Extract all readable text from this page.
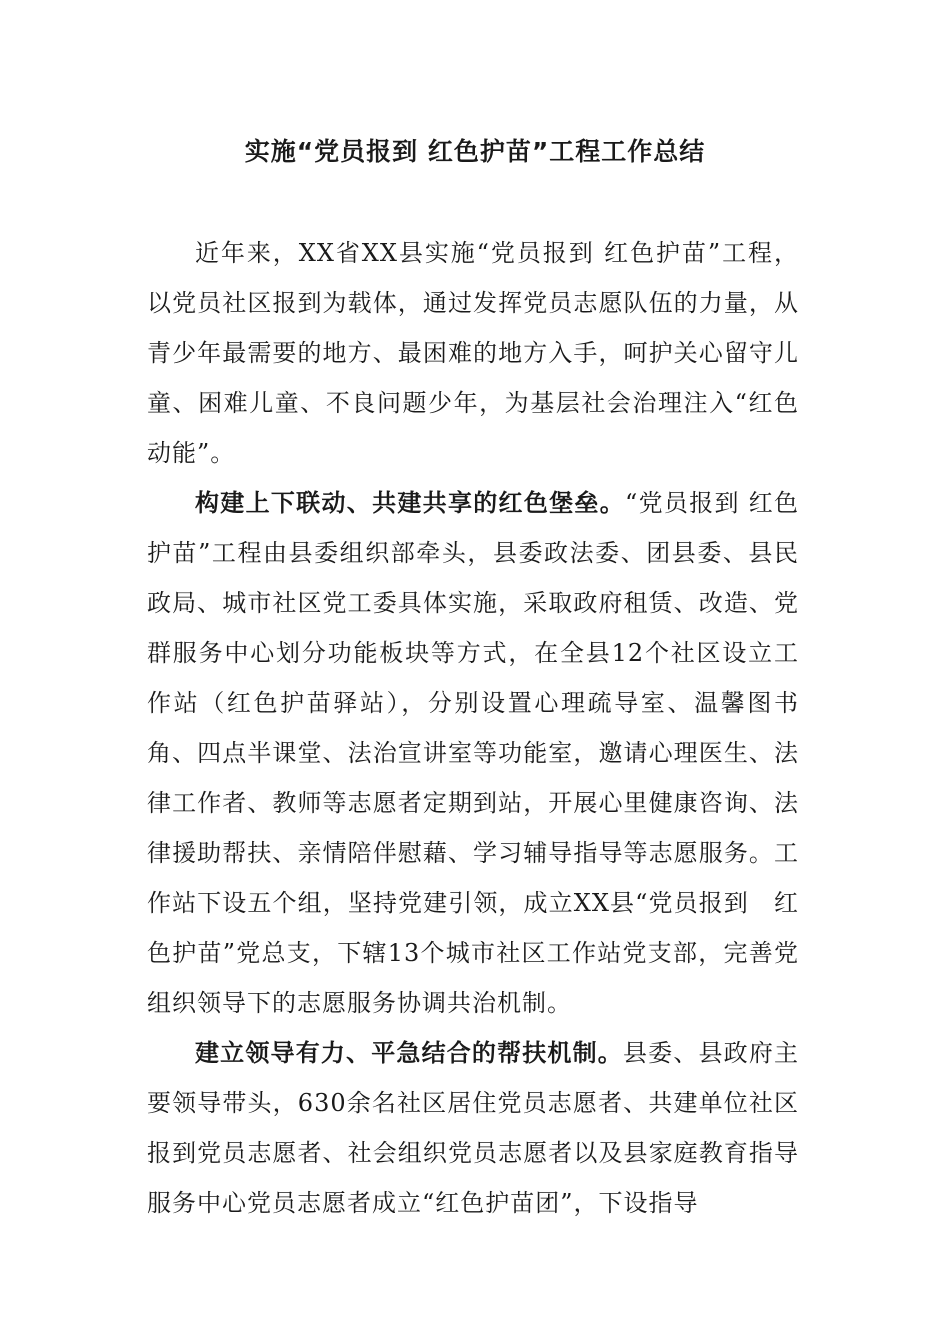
实施“党员报到 红色护苗”工程工作总结

近年来，XX省XX县实施“党员报到 红色护苗”工程，以党员社区报到为载体，通过发挥党员志愿队伍的力量，从青少年最需要的地方、最困难的地方入手，呵护关心留守儿童、困难儿童、不良问题少年，为基层社会治理注入“红色动能”。

构建上下联动、共建共享的红色堡垒。“党员报到 红色护苗”工程由县委组织部牵头，县委政法委、团县委、县民政局、城市社区党工委具体实施，采取政府租赁、改造、党群服务中心划分功能板块等方式，在全县12个社区设立工作站（红色护苗驿站），分别设置心理疏导室、温馨图书角、四点半课堂、法治宣讲室等功能室，邀请心理医生、法律工作者、教师等志愿者定期到站，开展心里健康咨询、法律援助帮扶、亲情陪伴慰藉、学习辅导指导等志愿服务。工作站下设五个组，坚持党建引领，成立XX县“党员报到　红色护苗”党总支，下辖13个城市社区工作站党支部，完善党组织领导下的志愿服务协调共治机制。

建立领导有力、平急结合的帮扶机制。县委、县政府主要领导带头，630余名社区居住党员志愿者、共建单位社区报到党员志愿者、社会组织党员志愿者以及县家庭教育指导服务中心党员志愿者成立“红色护苗团”，下设指导
